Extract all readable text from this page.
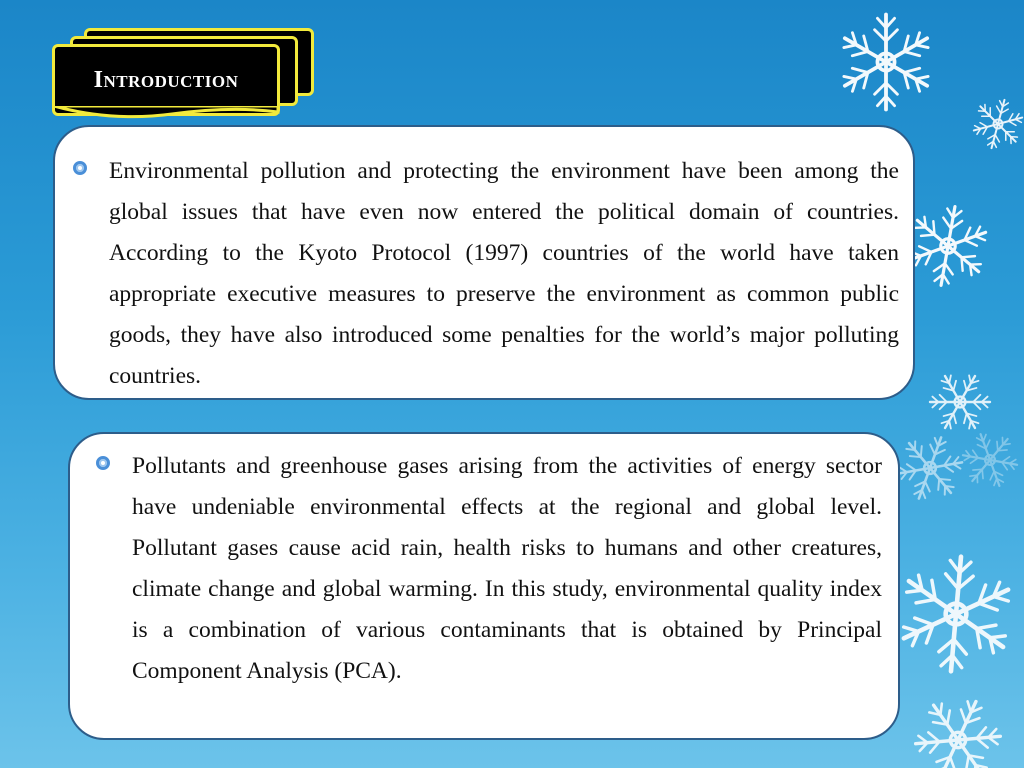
Introduction

Environmental pollution and protecting the environment have been among the global issues that have even now entered the political domain of countries. According to the Kyoto Protocol (1997) countries of the world have taken appropriate executive measures to preserve the environment as common public goods, they have also introduced some penalties for the world’s major polluting countries.

Pollutants and greenhouse gases arising from the activities of energy sector have undeniable environmental effects at the regional and global level. Pollutant gases cause acid rain, health risks to humans and other creatures, climate change and global warming. In this study, environmental quality index is a combination of various contaminants that is obtained by Principal Component Analysis (PCA).
